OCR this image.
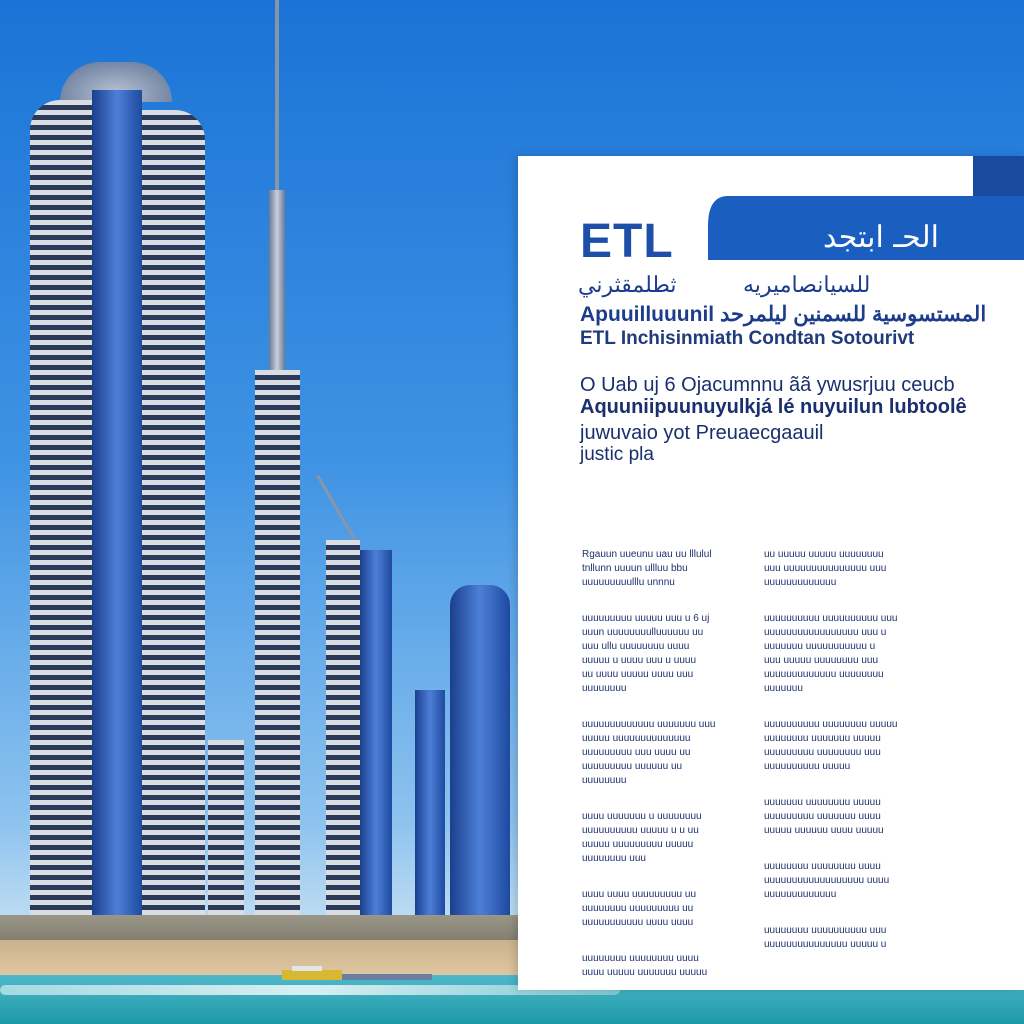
ETL	الحـ ابتجد
ثطلمقثرني	للسيانصاميريه
Apuuilluuunil المستسوسية للسمنين ليلمرحد
ETL Inchisinmiath Condtan Sotourivt
O Uab uj 6 Ojacumnnu ãã ywusrjuu ceucb
Aquuniipuunuyulkjá lé nuyuilun lubtoolê
juwuvaio yot Preuaecgaauil
justic pla
Rgauun uueunu uau uu lllulul
tnllunn uuuun ullluu bbu
uuuuuuuuulllu unnnu
uuuuuuuuu uuuuu uuu u 6 uj
uuun uuuuuuuulluuuuuu uu
uuu ullu uuuuuuuu uuuu
uuuuu u uuuu uuu u uuuu
uu uuuu uuuuu uuuu uuu
uuuuuuuu
uuuuuuuuuuuuu uuuuuuu uuu
uuuuu uuuuuuuuuuuuuu
uuuuuuuuu uuu uuuu uu
uuuuuuuuu uuuuuu uu
uuuuuuuu
uuuu uuuuuuu u uuuuuuuu
uuuuuuuuuu uuuuu u u uu
uuuuu uuuuuuuuu uuuuu
uuuuuuuu uuu
uuuu uuuu uuuuuuuuu uu
uuuuuuuu uuuuuuuuu uu
uuuuuuuuuuu uuuu uuuu
uuuuuuuu uuuuuuuu uuuu
uuuu uuuuu uuuuuuu uuuuu
uu uuuuu uuuuu uuuuuuuu
uuu uuuuuuuuuuuuuuu uuu
uuuuuuuuuuuuu
uuuuuuuuuu uuuuuuuuuu uuu
uuuuuuuuuuuuuuuuu uuu u
uuuuuuu uuuuuuuuuuu u
uuu uuuuu uuuuuuuu uuu
uuuuuuuuuuuuu uuuuuuuu
uuuuuuu
uuuuuuuuuu uuuuuuuu uuuuu
uuuuuuuu uuuuuuu uuuuu
uuuuuuuuu uuuuuuuu uuu
uuuuuuuuuu uuuuu
uuuuuuu uuuuuuuu uuuuu
uuuuuuuuu uuuuuuu uuuu
uuuuu uuuuuu uuuu uuuuu
uuuuuuuu uuuuuuuu uuuu
uuuuuuuuuuuuuuuuuu uuuu
uuuuuuuuuuuuu
uuuuuuuu uuuuuuuuuu uuu
uuuuuuuuuuuuuuu uuuuu u
